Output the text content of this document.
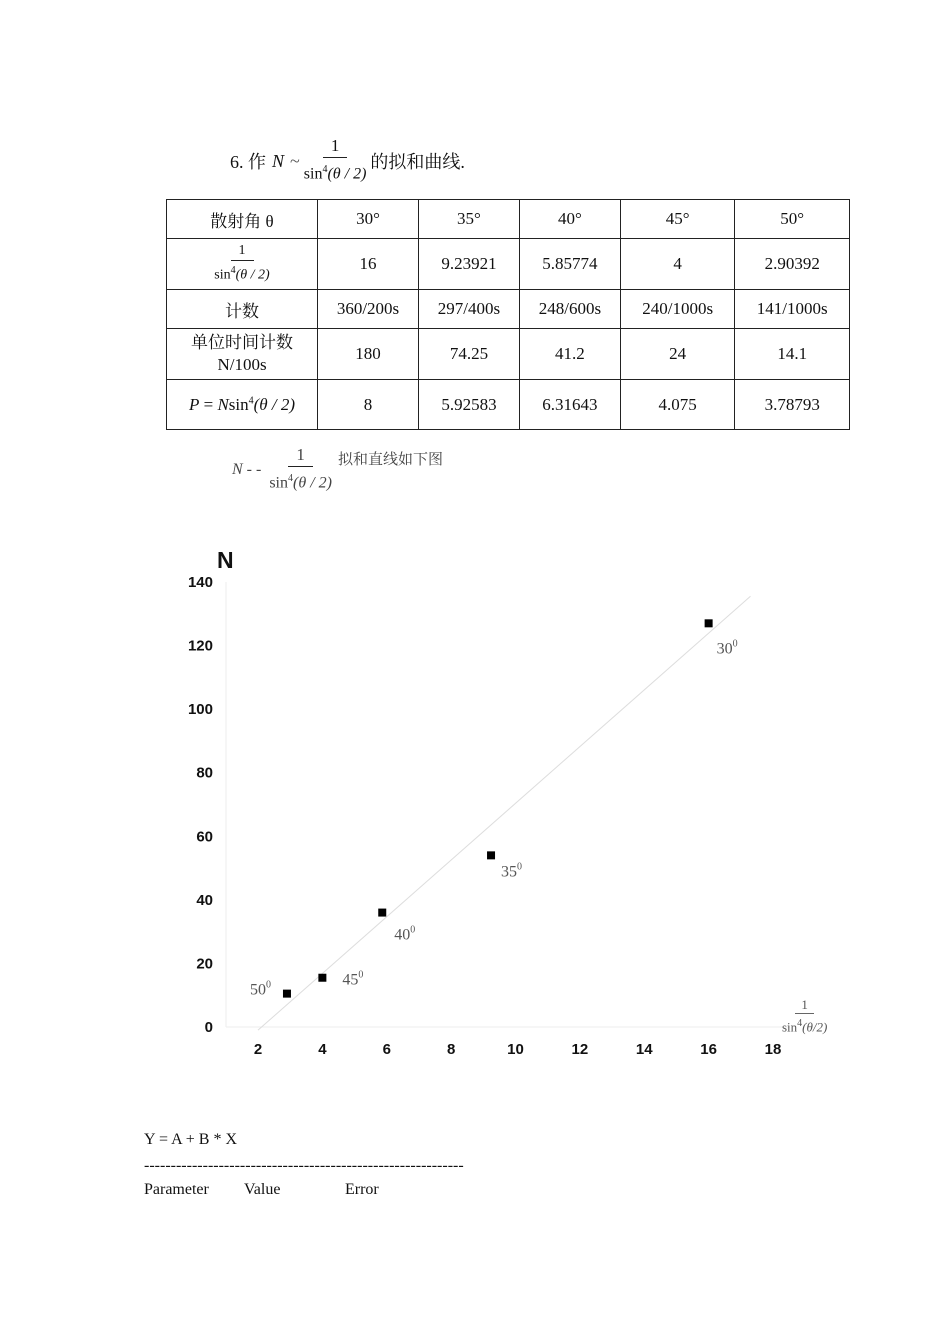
6. 作 N ~ $\frac{1}{\sin^4(\theta / 2)}$ 的拟和曲线.
散射角 θ	30°	35°	40°	45°	50°

$\frac{1}{\sin^4(\theta / 2)}$	16	9.23921	5.85774	4	2.90392
计数	360/200s	297/400s	248/600s	240/1000s	141/1000s

单位时间计数
N/100s	180	74.25	41.2	24	14.1
P = Nsin$^4$(θ / 2)	8	5.92583	6.31643	4.075	3.78793
N - - $\frac{1}{\sin^4(\theta / 2)}$ 拟和直线如下图
N
0
20
40
60
80
100
120
140
2	4	6	8	10	12	14	16	18
$30^0$
$35^0$
$40^0$
$45^0$
$50^0$
$\frac{1}{\sin^4(\theta/2)}$
Y = A + B * X
------------------------------------------------------------
Parameter	Value	Error
